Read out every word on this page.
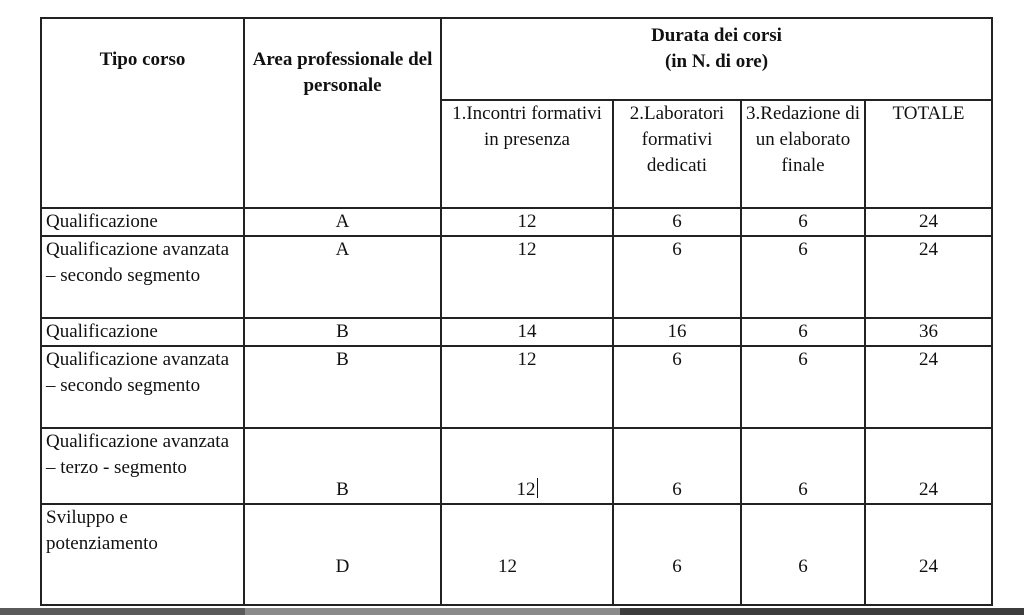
Tipo corso	Area professionale del personale	Durata dei corsi
(in N. di ore)			

		1.Incontri formativi in presenza	2.Laboratori formativi dedicati	3.Redazione di un elaborato finale	TOTALE
Qualificazione	A	12	6	6	24
Qualificazione avanzata – secondo segmento	A	12	6	6	24
Qualificazione	B	14	16	6	36
Qualificazione avanzata – secondo segmento	B	12	6	6	24
Qualificazione avanzata – terzo - segmento	B	12	6	6	24
Sviluppo e potenziamento	D	12	6	6	24
